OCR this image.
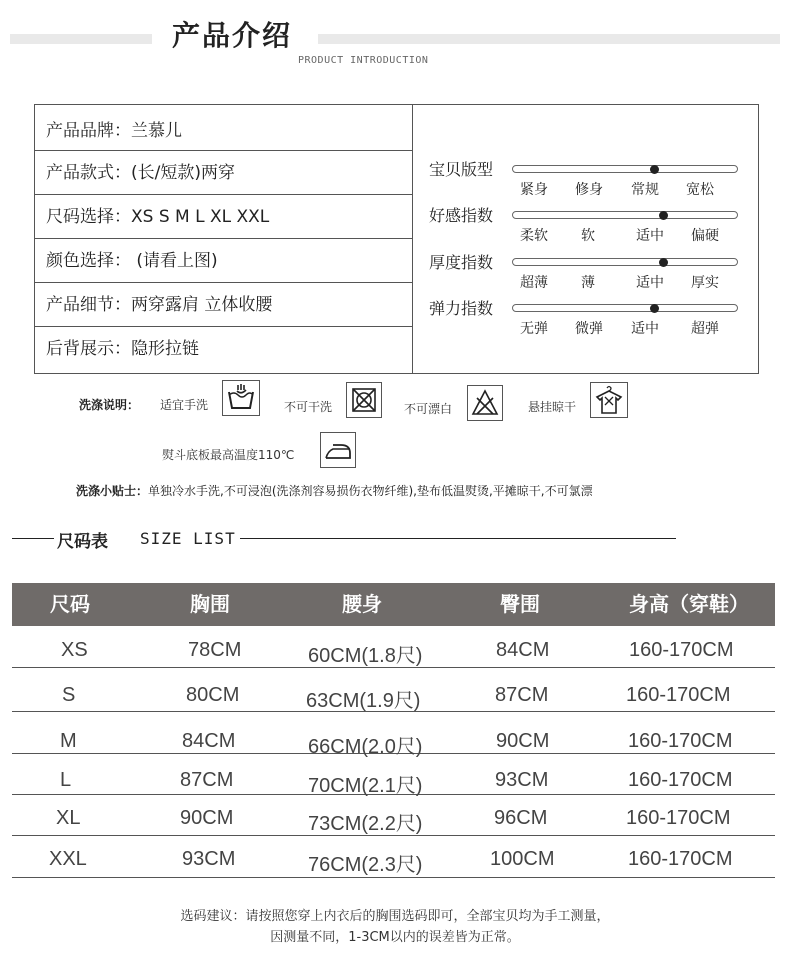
产品介绍
PRODUCT INTRODUCTION
产品品牌：兰慕儿
产品款式：(长/短款)两穿
尺码选择：XS S M L XL XXL
颜色选择： (请看上图)
产品细节：两穿露肩 立体收腰
后背展示：隐形拉链
宝贝版型
紧身 修身 常规 宽松
好感指数
柔软 软	适中 偏硬
厚度指数
超薄 薄	适中 厚实
弹力指数
无弹 微弹 适中 超弹
洗涤说明： 适宜手洗	不可干洗	不可漂白	悬挂晾干
熨斗底板最高温度110℃
洗涤小贴士： 单独冷水手洗,不可浸泡(洗涤剂容易损伤衣物纤维),垫布低温熨烫,平摊晾干,不可氯漂
尺码表 SIZE LIST
尺码	胸围	腰身	臀围	身高（穿鞋）
XS	78CM	60CM(1.8尺)	84CM	160-170CM
S	80CM	63CM(1.9尺)	87CM	160-170CM
M	84CM	66CM(2.0尺)	90CM	160-170CM
L	87CM	70CM(2.1尺)	93CM	160-170CM
XL	90CM	73CM(2.2尺)	96CM	160-170CM
XXL	93CM	76CM(2.3尺)	100CM	160-170CM
选码建议：请按照您穿上内衣后的胸围选码即可，全部宝贝均为手工测量，
因测量不同，1-3CM以内的误差皆为正常。
